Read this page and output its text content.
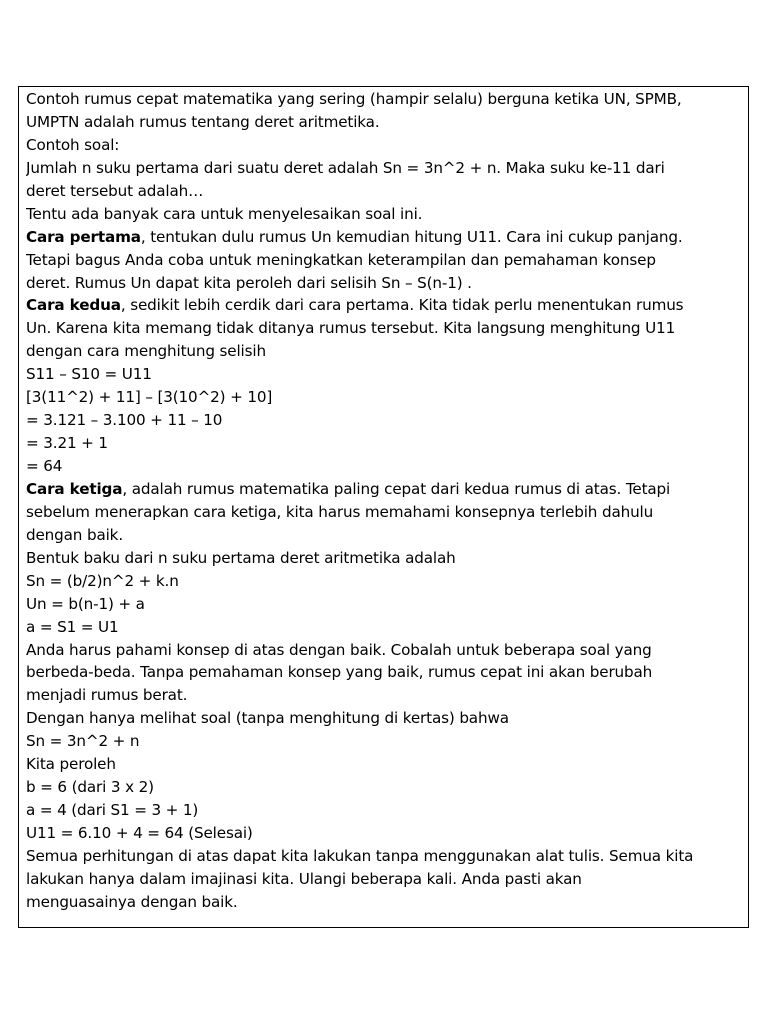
Contoh rumus cepat matematika yang sering (hampir selalu) berguna ketika UN, SPMB,
UMPTN adalah rumus tentang deret aritmetika.
Contoh soal:
Jumlah n suku pertama dari suatu deret adalah Sn = 3n^2 + n. Maka suku ke-11 dari
deret tersebut adalah…
Tentu ada banyak cara untuk menyelesaikan soal ini.
Cara pertama, tentukan dulu rumus Un kemudian hitung U11. Cara ini cukup panjang.
Tetapi bagus Anda coba untuk meningkatkan keterampilan dan pemahaman konsep
deret. Rumus Un dapat kita peroleh dari selisih Sn – S(n-1) .
Cara kedua, sedikit lebih cerdik dari cara pertama. Kita tidak perlu menentukan rumus
Un. Karena kita memang tidak ditanya rumus tersebut. Kita langsung menghitung U11
dengan cara menghitung selisih
S11 – S10 = U11
[3(11^2) + 11] – [3(10^2) + 10]
= 3.121 – 3.100 + 11 – 10
= 3.21 + 1
= 64
Cara ketiga, adalah rumus matematika paling cepat dari kedua rumus di atas. Tetapi
sebelum menerapkan cara ketiga, kita harus memahami konsepnya terlebih dahulu
dengan baik.
Bentuk baku dari n suku pertama deret aritmetika adalah
Sn = (b/2)n^2 + k.n
Un = b(n-1) + a
a = S1 = U1
Anda harus pahami konsep di atas dengan baik. Cobalah untuk beberapa soal yang
berbeda-beda. Tanpa pemahaman konsep yang baik, rumus cepat ini akan berubah
menjadi rumus berat.
Dengan hanya melihat soal (tanpa menghitung di kertas) bahwa
Sn = 3n^2 + n
Kita peroleh
b = 6 (dari 3 x 2)
a = 4 (dari S1 = 3 + 1)
U11 = 6.10 + 4 = 64 (Selesai)
Semua perhitungan di atas dapat kita lakukan tanpa menggunakan alat tulis. Semua kita
lakukan hanya dalam imajinasi kita. Ulangi beberapa kali. Anda pasti akan
menguasainya dengan baik.
